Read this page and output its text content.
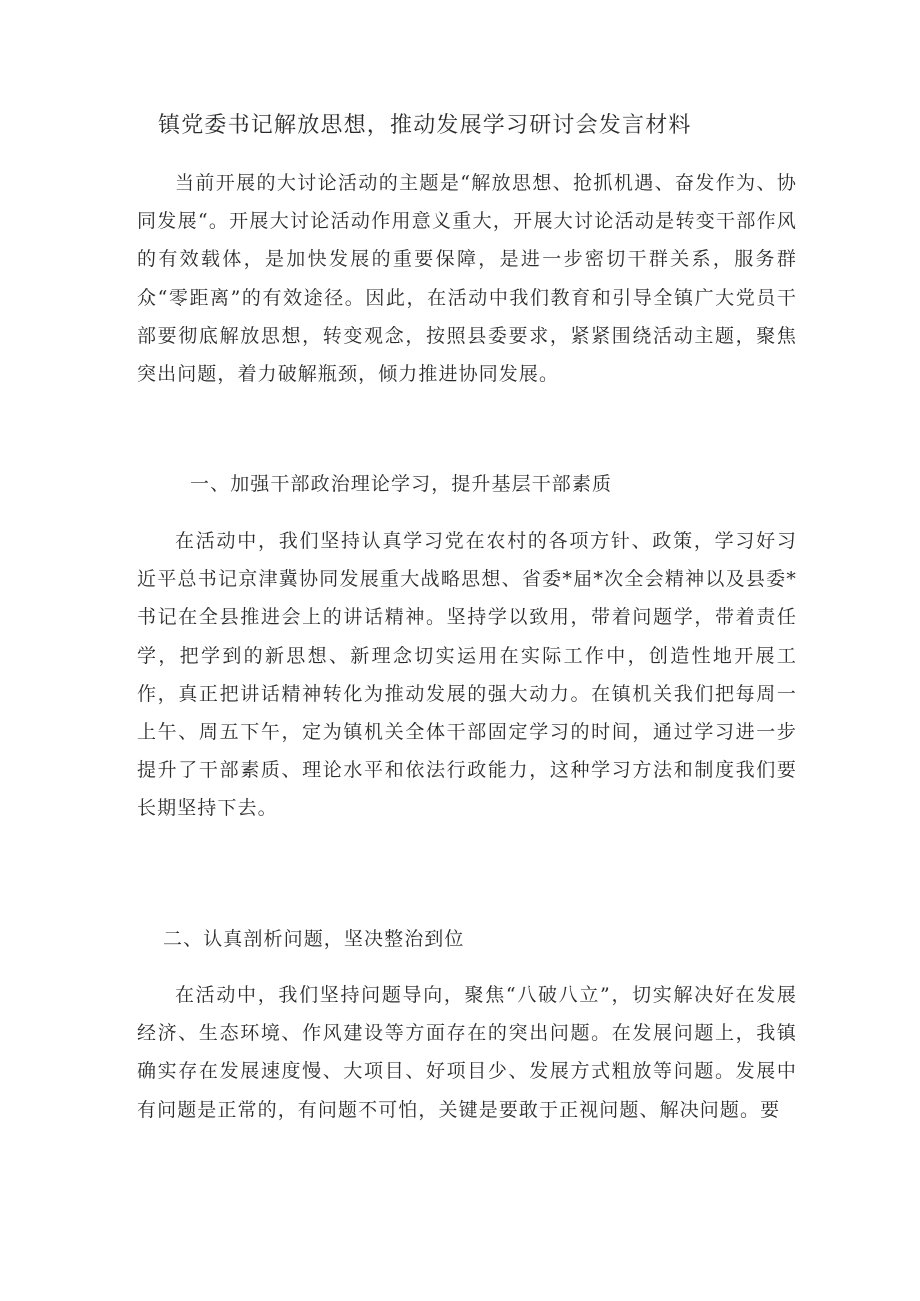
镇党委书记解放思想，推动发展学习研讨会发言材料

当前开展的大讨论活动的主题是“解放思想、抢抓机遇、奋发作为、协同发展“。开展大讨论活动作用意义重大，开展大讨论活动是转变干部作风的有效载体，是加快发展的重要保障，是进一步密切干群关系，服务群众“零距离”的有效途径。因此，在活动中我们教育和引导全镇广大党员干部要彻底解放思想，转变观念，按照县委要求，紧紧围绕活动主题，聚焦突出问题，着力破解瓶颈，倾力推进协同发展。

一、加强干部政治理论学习，提升基层干部素质

在活动中，我们坚持认真学习党在农村的各项方针、政策，学习好习近平总书记京津冀协同发展重大战略思想、省委*届*次全会精神以及县委*书记在全县推进会上的讲话精神。坚持学以致用，带着问题学，带着责任学，把学到的新思想、新理念切实运用在实际工作中，创造性地开展工作，真正把讲话精神转化为推动发展的强大动力。在镇机关我们把每周一上午、周五下午，定为镇机关全体干部固定学习的时间，通过学习进一步提升了干部素质、理论水平和依法行政能力，这种学习方法和制度我们要长期坚持下去。

二、认真剖析问题，坚决整治到位

在活动中，我们坚持问题导向，聚焦“八破八立”，切实解决好在发展经济、生态环境、作风建设等方面存在的突出问题。在发展问题上，我镇确实存在发展速度慢、大项目、好项目少、发展方式粗放等问题。发展中有问题是正常的，有问题不可怕，关键是要敢于正视问题、解决问题。要
